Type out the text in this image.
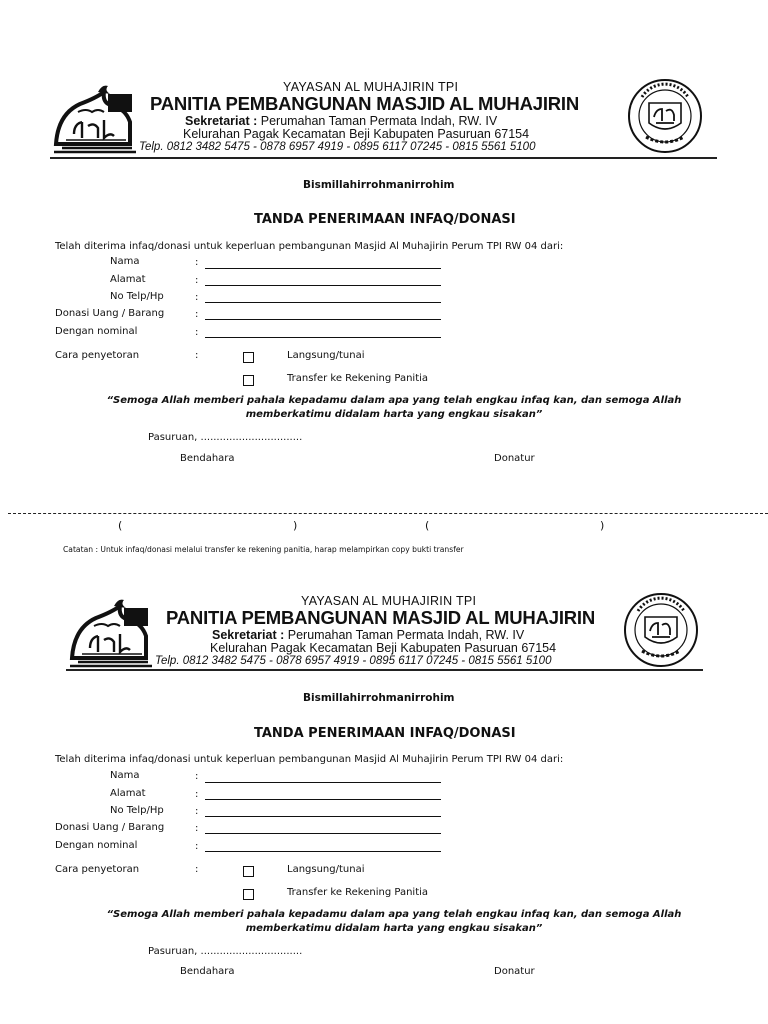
YAYASAN AL MUHAJIRIN TPI
PANITIA PEMBANGUNAN MASJID AL MUHAJIRIN
Sekretariat : Perumahan Taman Permata Indah, RW. IV
Kelurahan Pagak Kecamatan Beji Kabupaten Pasuruan 67154
Telp. 0812 3482 5475 - 0878 6957 4919 - 0895 6117 07245 - 0815 5561 5100
Bismillahirrohmanirrohim
TANDA PENERIMAAN INFAQ/DONASI
Telah diterima infaq/donasi untuk keperluan pembangunan Masjid Al Muhajirin Perum TPI RW 04 dari:
Nama	:
Alamat	:
No Telp/Hp	:
Donasi Uang / Barang	:
Dengan nominal	:
Cara penyetoran	:	Langsung/tunai
Transfer ke Rekening Panitia
“Semoga Allah memberi pahala kepadamu dalam apa yang telah engkau infaq kan, dan semoga Allah
memberkatimu didalam harta yang engkau sisakan”
Pasuruan, ................................
Bendahara	Donatur
(	)	(	)
Catatan : Untuk infaq/donasi melalui transfer ke rekening panitia, harap melampirkan copy bukti transfer
YAYASAN AL MUHAJIRIN TPI
PANITIA PEMBANGUNAN MASJID AL MUHAJIRIN
Sekretariat : Perumahan Taman Permata Indah, RW. IV
Kelurahan Pagak Kecamatan Beji Kabupaten Pasuruan 67154
Telp. 0812 3482 5475 - 0878 6957 4919 - 0895 6117 07245 - 0815 5561 5100
Bismillahirrohmanirrohim
TANDA PENERIMAAN INFAQ/DONASI
Telah diterima infaq/donasi untuk keperluan pembangunan Masjid Al Muhajirin Perum TPI RW 04 dari:
Nama	:
Alamat	:
No Telp/Hp	:
Donasi Uang / Barang	:
Dengan nominal	:
Cara penyetoran	:	Langsung/tunai
Transfer ke Rekening Panitia
“Semoga Allah memberi pahala kepadamu dalam apa yang telah engkau infaq kan, dan semoga Allah
memberkatimu didalam harta yang engkau sisakan”
Pasuruan, ................................
Bendahara	Donatur
